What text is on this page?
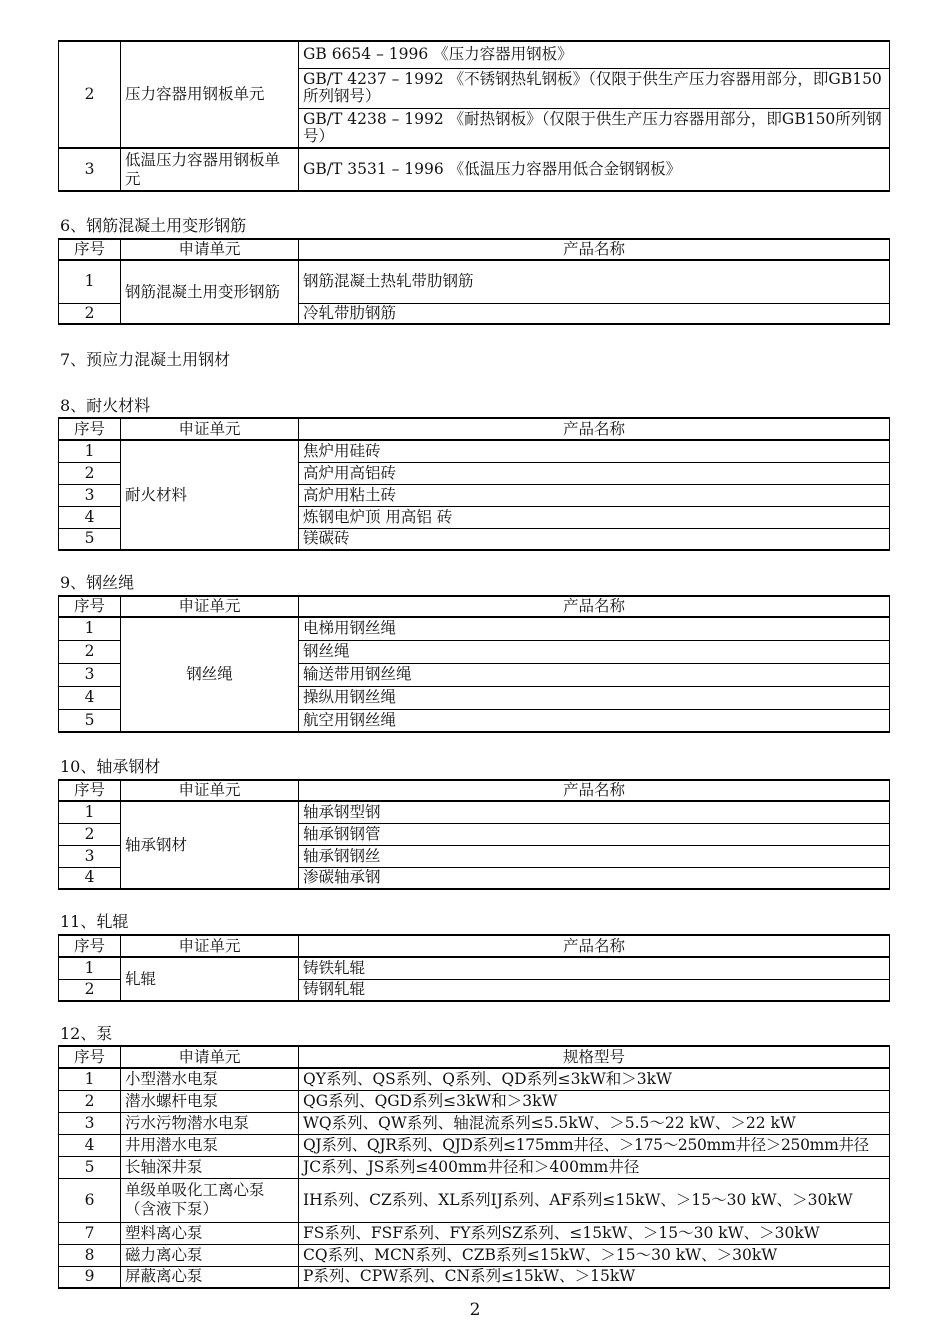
2	压力容器用钢板单元	GB 6654 – 1996 《压力容器用钢板》
		GB/T 4237 – 1992 《不锈钢热轧钢板》（仅限于供生产压力容器用部分，即GB150所列钢号）
		GB/T 4238 – 1992 《耐热钢板》（仅限于供生产压力容器用部分，即GB150所列钢号）
3	低温压力容器用钢板单元	GB/T 3531 – 1996 《低温压力容器用低合金钢钢板》
6、钢筋混凝土用变形钢筋
序号	申请单元	产品名称
1	钢筋混凝土用变形钢筋	钢筋混凝土热轧带肋钢筋
2		冷轧带肋钢筋
7、预应力混凝土用钢材
8、耐火材料
序号	申证单元	产品名称
1	耐火材料	焦炉用硅砖
2		高炉用高铝砖
3		高炉用粘土砖
4		炼钢电炉顶 用高铝 砖
5		镁碳砖
9、钢丝绳
序号	申证单元	产品名称
1	钢丝绳	电梯用钢丝绳
2		钢丝绳
3		输送带用钢丝绳
4		操纵用钢丝绳
5		航空用钢丝绳
10、轴承钢材
序号	申证单元	产品名称
1	轴承钢材	轴承钢型钢
2		轴承钢钢管
3		轴承钢钢丝
4		渗碳轴承钢
11、轧辊
序号	申证单元	产品名称
1	轧辊	铸铁轧辊
2		铸钢轧辊
12、泵
序号	申请单元	规格型号
1	小型潜水电泵	QY系列、QS系列、Q系列、QD系列≤3kW和＞3kW
2	潜水螺杆电泵	QG系列、QGD系列≤3kW和＞3kW
3	污水污物潜水电泵	WQ系列、QW系列、轴混流系列≤5.5kW、＞5.5～22 kW、＞22 kW
4	井用潜水电泵	QJ系列、QJR系列、QJD系列≤175mm井径、＞175～250mm井径＞250mm井径
5	长轴深井泵	JC系列、JS系列≤400mm井径和＞400mm井径
6	单级单吸化工离心泵（含液下泵）	IH系列、CZ系列、XL系列IJ系列、AF系列≤15kW、＞15～30 kW、＞30kW
7	塑料离心泵	FS系列、FSF系列、FY系列SZ系列、≤15kW、＞15～30 kW、＞30kW
8	磁力离心泵	CQ系列、MCN系列、CZB系列≤15kW、＞15～30 kW、＞30kW
9	屏蔽离心泵	P系列、CPW系列、CN系列≤15kW、＞15kW
2
